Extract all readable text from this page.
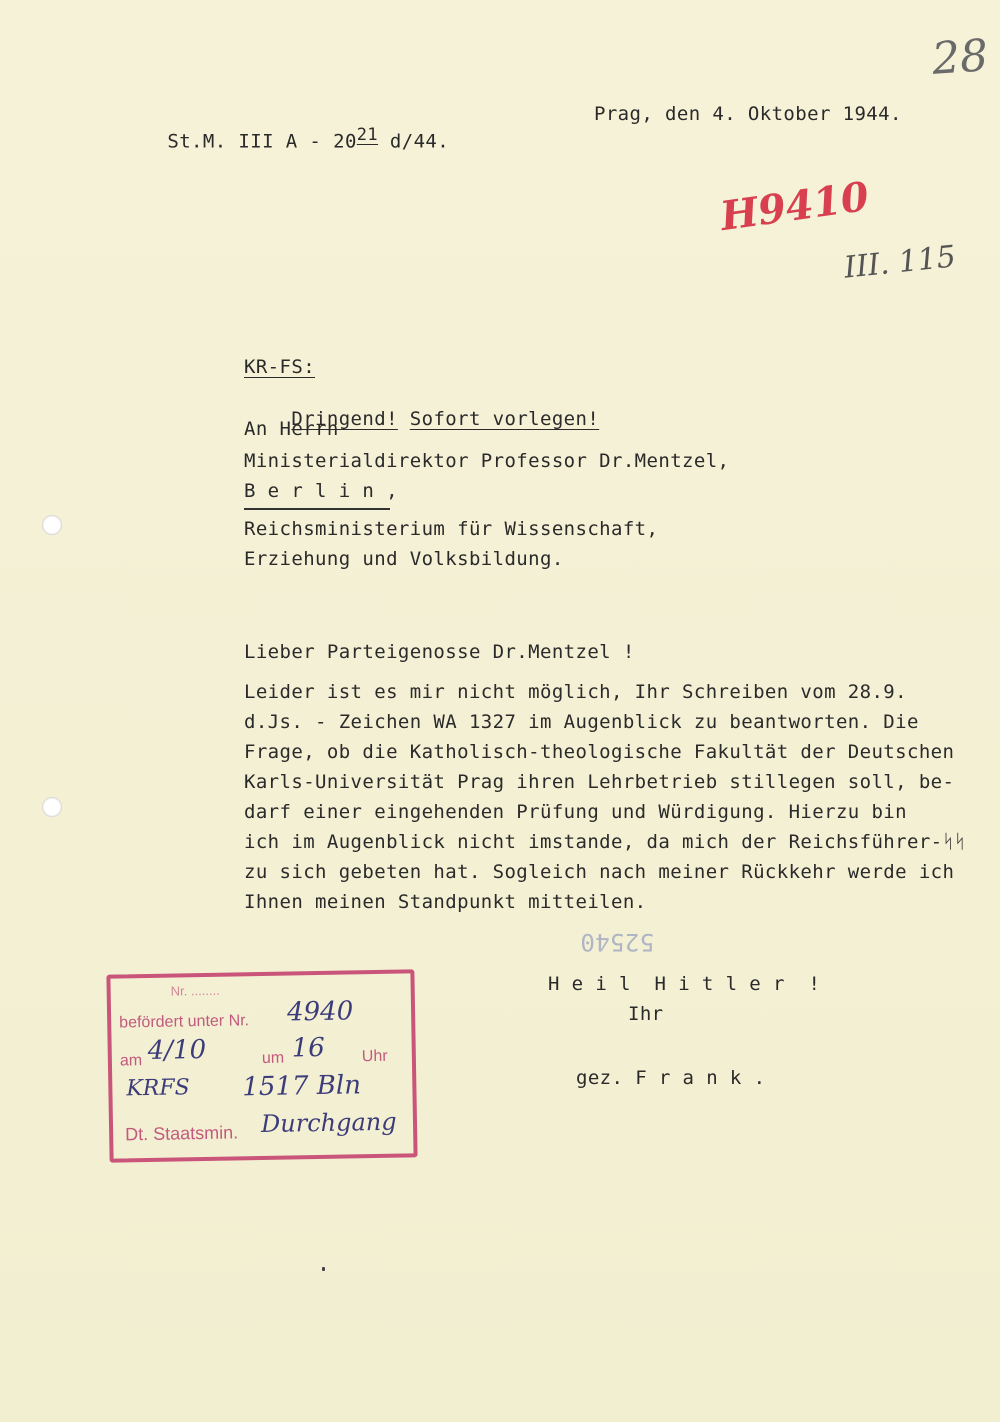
28

St.M. III A - $20^{21}$ d/44.

Prag, den 4. Oktober 1944.
H9410
III. 115
KR-FS:

Dringend! Sofort vorlegen!

An Herrn
Ministerialdirektor Professor Dr.Mentzel,
B e r l i n ,
Reichsministerium für Wissenschaft,
Erziehung und Volksbildung.
Lieber Parteigenosse Dr.Mentzel !
Leider ist es mir nicht möglich, Ihr Schreiben vom 28.9.
d.Js. - Zeichen WA 1327 im Augenblick zu beantworten. Die
Frage, ob die Katholisch-theologische Fakultät der Deutschen
Karls-Universität Prag ihren Lehrbetrieb stillegen soll, be-
darf einer eingehenden Prüfung und Würdigung. Hierzu bin
ich im Augenblick nicht imstande, da mich der Reichsführer-ᛋᛋ
zu sich gebeten hat. Sogleich nach meiner Rückkehr werde ich
Ihnen meinen Standpunkt mitteilen.
52540
H e i l  H i t l e r  !
Ihr
gez. F r a n k .
Nr. ........
befördert unter Nr. 4940
am 4/10	um 16 Uhr
KRFS 1517 Bln
Dt. Staatsmin. Durchgang
